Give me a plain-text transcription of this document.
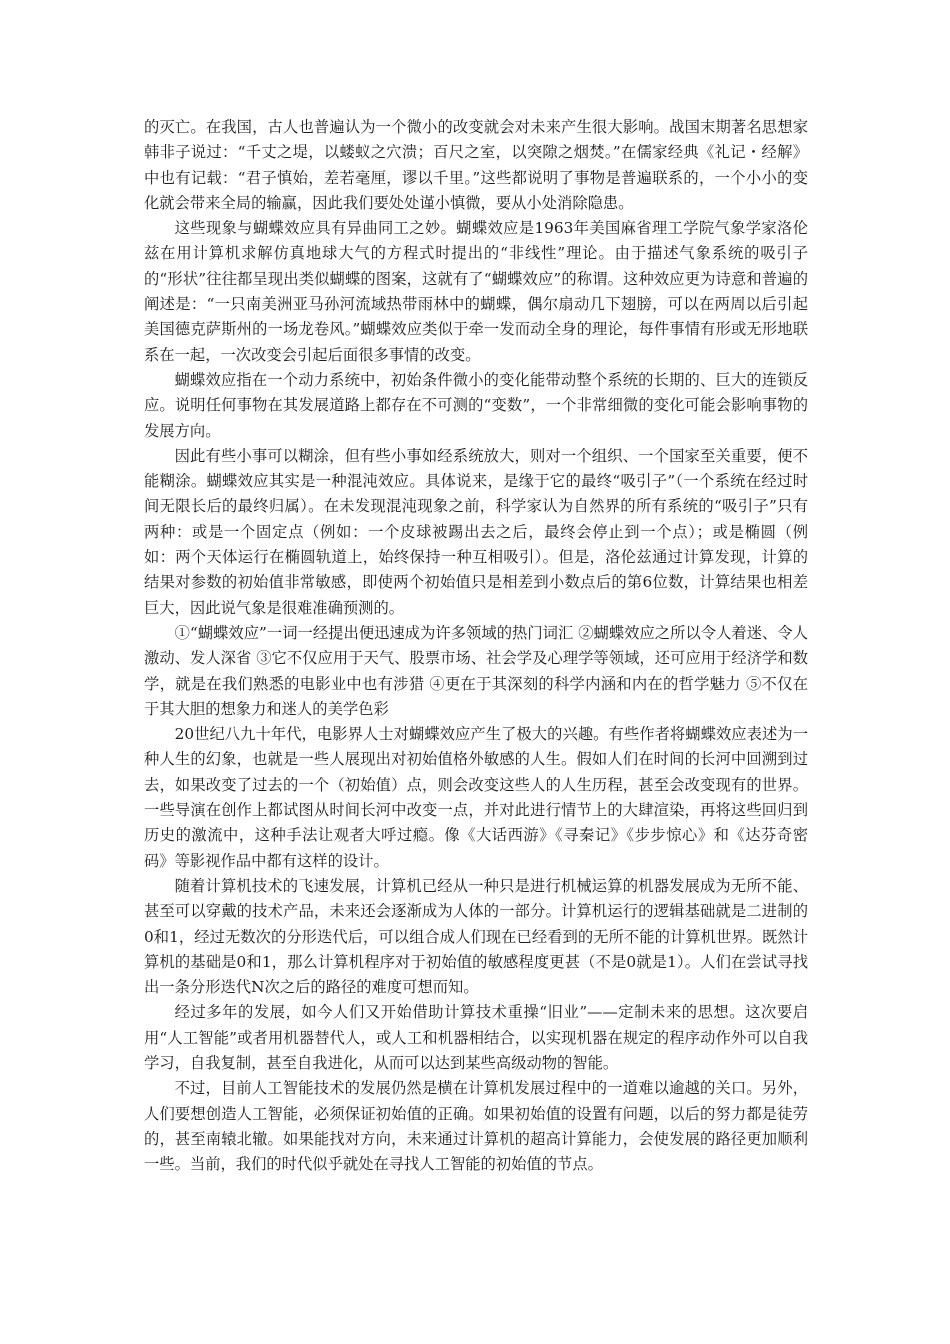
的灭亡。在我国，古人也普遍认为一个微小的改变就会对未来产生很大影响。战国末期著名思想家韩非子说过：“千丈之堤，以蝼蚁之穴溃；百尺之室，以突隙之烟焚。”在儒家经典《礼记・经解》中也有记载：“君子慎始，差若毫厘，谬以千里。”这些都说明了事物是普遍联系的，一个小小的变化就会带来全局的输赢，因此我们要处处谨小慎微，要从小处消除隐患。

这些现象与蝴蝶效应具有异曲同工之妙。蝴蝶效应是1963年美国麻省理工学院气象学家洛伦兹在用计算机求解仿真地球大气的方程式时提出的“非线性”理论。由于描述气象系统的吸引子的“形状”往往都呈现出类似蝴蝶的图案，这就有了“蝴蝶效应”的称谓。这种效应更为诗意和普遍的阐述是：“一只南美洲亚马孙河流域热带雨林中的蝴蝶，偶尔扇动几下翅膀，可以在两周以后引起美国德克萨斯州的一场龙卷风。”蝴蝶效应类似于牵一发而动全身的理论，每件事情有形或无形地联系在一起，一次改变会引起后面很多事情的改变。

蝴蝶效应指在一个动力系统中，初始条件微小的变化能带动整个系统的长期的、巨大的连锁反应。说明任何事物在其发展道路上都存在不可测的“变数”，一个非常细微的变化可能会影响事物的发展方向。

因此有些小事可以糊涂，但有些小事如经系统放大，则对一个组织、一个国家至关重要，便不能糊涂。蝴蝶效应其实是一种混沌效应。具体说来，是缘于它的最终“吸引子”（一个系统在经过时间无限长后的最终归属）。在未发现混沌现象之前，科学家认为自然界的所有系统的“吸引子”只有两种：或是一个固定点（例如：一个皮球被踢出去之后，最终会停止到一个点）；或是椭圆（例如：两个天体运行在椭圆轨道上，始终保持一种互相吸引）。但是，洛伦兹通过计算发现，计算的结果对参数的初始值非常敏感，即使两个初始值只是相差到小数点后的第6位数，计算结果也相差巨大，因此说气象是很难准确预测的。

①“蝴蝶效应”一词一经提出便迅速成为许多领域的热门词汇 ②蝴蝶效应之所以令人着迷、令人激动、发人深省 ③它不仅应用于天气、股票市场、社会学及心理学等领域，还可应用于经济学和数学，就是在我们熟悉的电影业中也有涉猎 ④更在于其深刻的科学内涵和内在的哲学魅力 ⑤不仅在于其大胆的想象力和迷人的美学色彩

20世纪八九十年代，电影界人士对蝴蝶效应产生了极大的兴趣。有些作者将蝴蝶效应表述为一种人生的幻象，也就是一些人展现出对初始值格外敏感的人生。假如人们在时间的长河中回溯到过去，如果改变了过去的一个（初始值）点，则会改变这些人的人生历程，甚至会改变现有的世界。一些导演在创作上都试图从时间长河中改变一点，并对此进行情节上的大肆渲染，再将这些回归到历史的激流中，这种手法让观者大呼过瘾。像《大话西游》《寻秦记》《步步惊心》和《达芬奇密码》等影视作品中都有这样的设计。

随着计算机技术的飞速发展，计算机已经从一种只是进行机械运算的机器发展成为无所不能、甚至可以穿戴的技术产品，未来还会逐渐成为人体的一部分。计算机运行的逻辑基础就是二进制的0和1，经过无数次的分形迭代后，可以组合成人们现在已经看到的无所不能的计算机世界。既然计算机的基础是0和1，那么计算机程序对于初始值的敏感程度更甚（不是0就是1）。人们在尝试寻找出一条分形迭代N次之后的路径的难度可想而知。

经过多年的发展，如今人们又开始借助计算技术重操“旧业”——定制未来的思想。这次要启用“人工智能”或者用机器替代人，或人工和机器相结合，以实现机器在规定的程序动作外可以自我学习，自我复制，甚至自我进化，从而可以达到某些高级动物的智能。

不过，目前人工智能技术的发展仍然是横在计算机发展过程中的一道难以逾越的关口。另外，人们要想创造人工智能，必须保证初始值的正确。如果初始值的设置有问题，以后的努力都是徒劳的，甚至南辕北辙。如果能找对方向，未来通过计算机的超高计算能力，会使发展的路径更加顺利一些。当前，我们的时代似乎就处在寻找人工智能的初始值的节点。
